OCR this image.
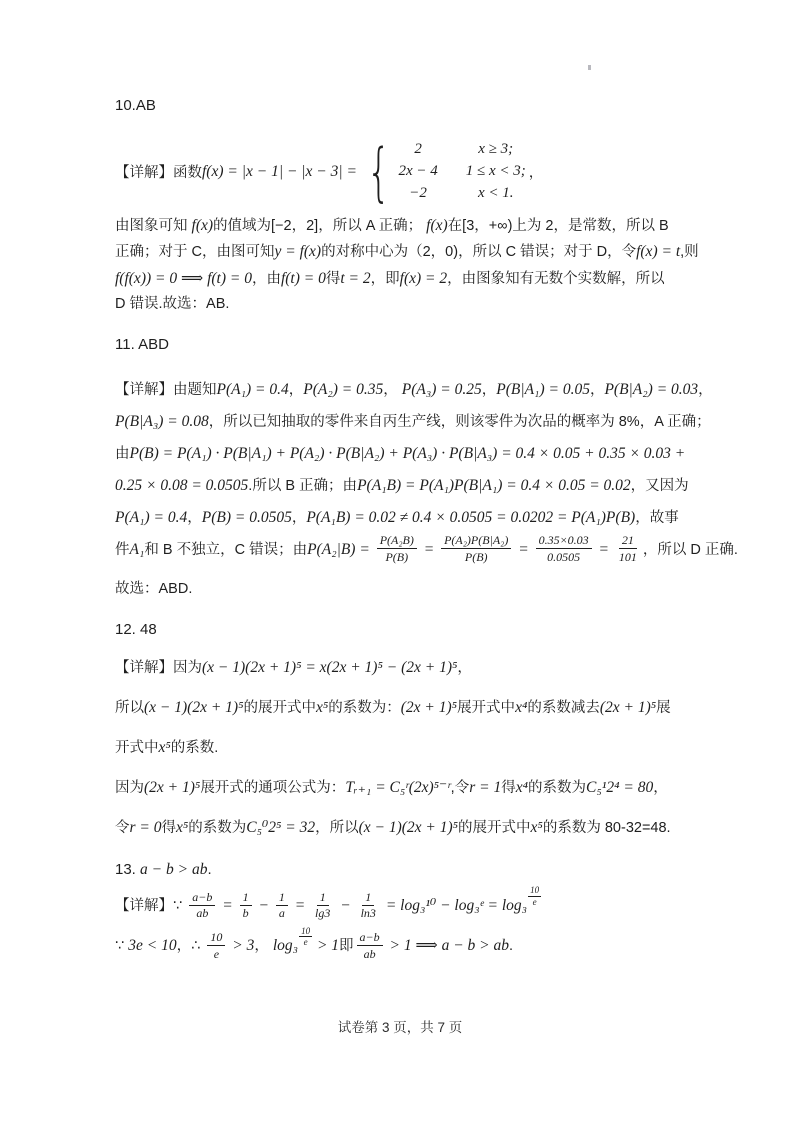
10.AB
【详解】函数 f(x) = |x − 1| − |x − 3| = { 2	x ≥ 3;
2x − 4 1 ≤ x < 3;
−2	x < 1.
，
由图象可知 f(x)的值域为[−2，2]，所以 A 正确； f(x)在[3，+∞)上为 2，是常数，所以 B
正确；对于 C，由图可知y = f(x)的对称中心为（2，0)，所以 C 错误；对于 D，令f(x) = t,则
f(f(x)) = 0 ⟹ f(t) = 0，由f(t) = 0得t = 2，即f(x) = 2，由图象知有无数个实数解，所以
D 错误.故选：AB.
11. ABD
【详解】由题知P(A₁) = 0.4，P(A₂) = 0.35， P(A₃) = 0.25，P(B|A₁) = 0.05，P(B|A₂) = 0.03，
P(B|A₃) = 0.08，所以已知抽取的零件来自丙生产线，则该零件为次品的概率为 8%，A 正确；
由P(B) = P(A₁) · P(B|A₁) + P(A₂) · P(B|A₂) + P(A₃) · P(B|A₃) = 0.4 × 0.05 + 0.35 × 0.03 +
0.25 × 0.08 = 0.0505.所以 B 正确；由P(A₁B) = P(A₁)P(B|A₁) = 0.4 × 0.05 = 0.02，又因为
P(A₁) = 0.4，P(B) = 0.0505，P(A₁B) = 0.02 ≠ 0.4 × 0.0505 = 0.0202 = P(A₁)P(B)，故事
件A₁和 B 不独立，C 错误；由$P(A_2|B) = \frac{\text{P(A₂B)}}{P(B)} = \frac{\text{P(A₂)P(B|A₂)}}{P(B)} = \frac{0.35\times 0.03}{0.0505} = \frac{21}{101}$ ，所以 D 正确.
故选：ABD.
12. 48
【详解】因为(x − 1)(2x + 1)⁵ = x(2x + 1)⁵ − (2x + 1)⁵，
所以(x − 1)(2x + 1)⁵的展开式中x⁵的系数为：(2x + 1)⁵展开式中x⁴的系数减去(2x + 1)⁵展
开式中x⁵的系数.
因为(2x + 1)⁵展开式的通项公式为：Tᵣ₊₁ = C₅ʳ(2x)⁵⁻ʳ,令r = 1得x⁴的系数为C₅¹2⁴ = 80，
令r = 0得x⁵的系数为C₅⁰2⁵ = 32，所以(x − 1)(2x + 1)⁵的展开式中x⁵的系数为 80-32=48.
13. a − b > ab.
【详解】∵ $\frac{a-b}{ab} = \frac{1}{b} - \frac{1}{a} = \frac{1}{\lg 3} - \frac{1}{\ln 3} = \log_3^{10}$ − log₃ᵉ = $\log_3 \frac{10}{e}$
∵ 3e < 10，∴ $\frac{10}{e} > 3$， $\log_3 \frac{10}{e} > 1$即 $\frac{a-b}{ab} > 1$ ⟹ a − b > ab.
试卷第 3 页，共 7 页
